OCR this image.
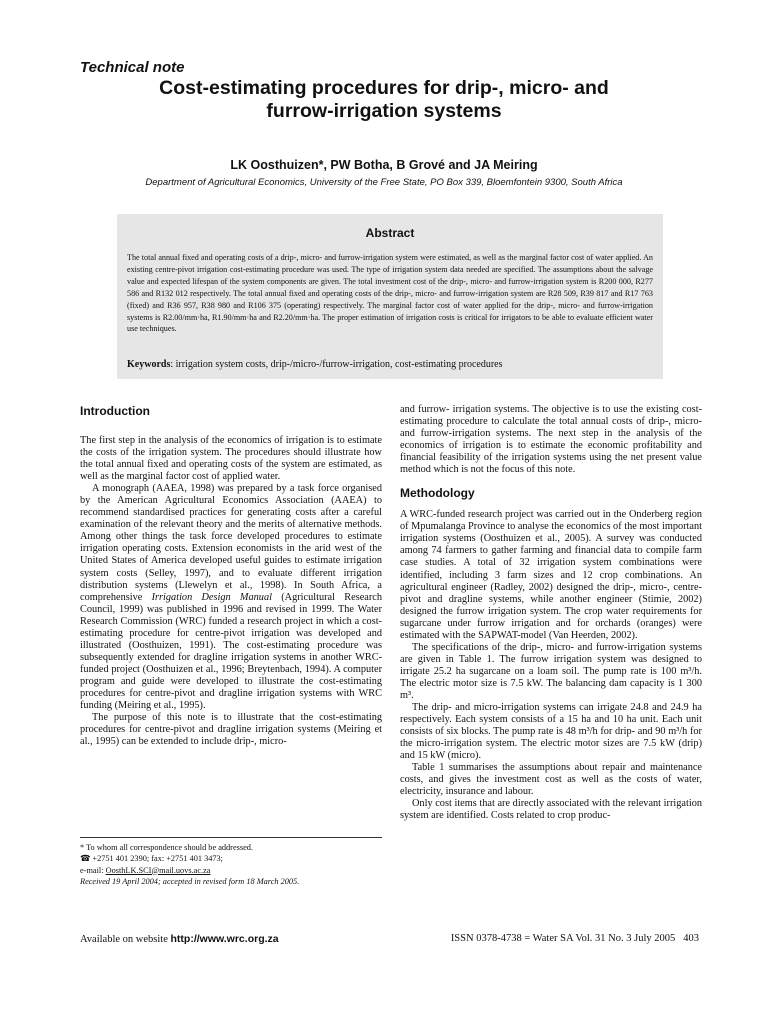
Technical note
Cost-estimating procedures for drip-, micro- and
furrow-irrigation systems
LK Oosthuizen*, PW Botha, B Grové and JA Meiring
Department of Agricultural Economics, University of the Free State, PO Box 339, Bloemfontein 9300, South Africa
Abstract
The total annual fixed and operating costs of a drip-, micro- and furrow-irrigation system were estimated, as well as the marginal factor cost of water applied. An existing centre-pivot irrigation cost-estimating procedure was used. The type of irrigation system data needed are specified. The assumptions about the salvage value and expected lifespan of the system components are given. The total investment cost of the drip-, micro- and furrow-irrigation system is R200 000, R277 586 and R132 012 respectively. The total annual fixed and operating costs of the drip-, micro- and furrow-irrigation system are R28 509, R39 817 and R17 763 (fixed) and R36 957, R38 980 and R106 375 (operating) respectively. The marginal factor cost of water applied for the drip-, micro- and furrow-irrigation systems is R2.00/mm·ha, R1.90/mm·ha and R2.20/mm·ha. The proper estimation of irrigation costs is critical for irrigators to be able to evaluate efficient water use techniques.
Keywords: irrigation system costs, drip-/micro-/furrow-irrigation, cost-estimating procedures
Introduction

The first step in the analysis of the economics of irrigation is to estimate the costs of the irrigation system. The procedures should illustrate how the total annual fixed and operating costs of the system are estimated, as well as the marginal factor cost of applied water.

A monograph (AAEA, 1998) was prepared by a task force organised by the American Agricultural Economics Association (AAEA) to recommend standardised practices for generating costs after a careful examination of the relevant theory and the merits of alternative methods. Among other things the task force developed procedures to estimate irrigation operating costs. Extension economists in the arid west of the United States of America developed useful guides to estimate irrigation system costs (Selley, 1997), and to evaluate different irrigation distribution systems (Llewelyn et al., 1998). In South Africa, a comprehensive Irrigation Design Manual (Agricultural Research Council, 1999) was published in 1996 and revised in 1999. The Water Research Commission (WRC) funded a research project in which a cost-estimating procedure for centre-pivot irrigation was developed and illustrated (Oosthuizen, 1991). The cost-estimating procedure was subsequently extended for dragline irrigation systems in another WRC-funded project (Oosthuizen et al., 1996; Breytenbach, 1994). A computer program and guide were developed to illustrate the cost-estimating procedures for centre-pivot and dragline irrigation systems with WRC funding (Meiring et al., 1995).

The purpose of this note is to illustrate that the cost-estimating procedures for centre-pivot and dragline irrigation systems (Meiring et al., 1995) can be extended to include drip-, micro-

* To whom all correspondence should be addressed.
☎ +2751 401 2390; fax: +2751 401 3473;
e-mail: OosthLK.SCI@mail.uovs.ac.za
Received 19 April 2004; accepted in revised form 18 March 2005.

and furrow- irrigation systems. The objective is to use the existing cost-estimating procedure to calculate the total annual costs of drip-, micro- and furrow-irrigation systems. The next step in the analysis of the economics of irrigation is to estimate the economic profitability and financial feasibility of the irrigation systems using the net present value method which is not the focus of this note.

Methodology

A WRC-funded research project was carried out in the Onderberg region of Mpumalanga Province to analyse the economics of the most important irrigation systems (Oosthuizen et al., 2005). A survey was conducted among 74 farmers to gather farming and financial data to compile farm case studies. A total of 32 irrigation system combinations were identified, including 3 farm sizes and 12 crop combinations. An agricultural engineer (Radley, 2002) designed the drip-, micro-, centre-pivot and dragline systems, while another engineer (Stimie, 2002) designed the furrow irrigation system. The crop water requirements for sugarcane under furrow irrigation and for orchards (oranges) were estimated with the SAPWAT-model (Van Heerden, 2002).

The specifications of the drip-, micro- and furrow-irrigation systems are given in Table 1. The furrow irrigation system was designed to irrigate 25.2 ha sugarcane on a loam soil. The pump rate is 100 m³/h. The electric motor size is 7.5 kW. The balancing dam capacity is 1 300 m³.

The drip- and micro-irrigation systems can irrigate 24.8 and 24.9 ha respectively. Each system consists of a 15 ha and 10 ha unit. Each unit consists of six blocks. The pump rate is 48 m³/h for drip- and 90 m³/h for the micro-irrigation system. The electric motor sizes are 7.5 kW (drip) and 15 kW (micro).

Table 1 summarises the assumptions about repair and maintenance costs, and gives the investment cost as well as the costs of water, electricity, insurance and labour.

Only cost items that are directly associated with the relevant irrigation system are identified. Costs related to crop produc-

Available on website http://www.wrc.org.za	ISSN 0378-4738 = Water SA Vol. 31 No. 3 July 2005 403
